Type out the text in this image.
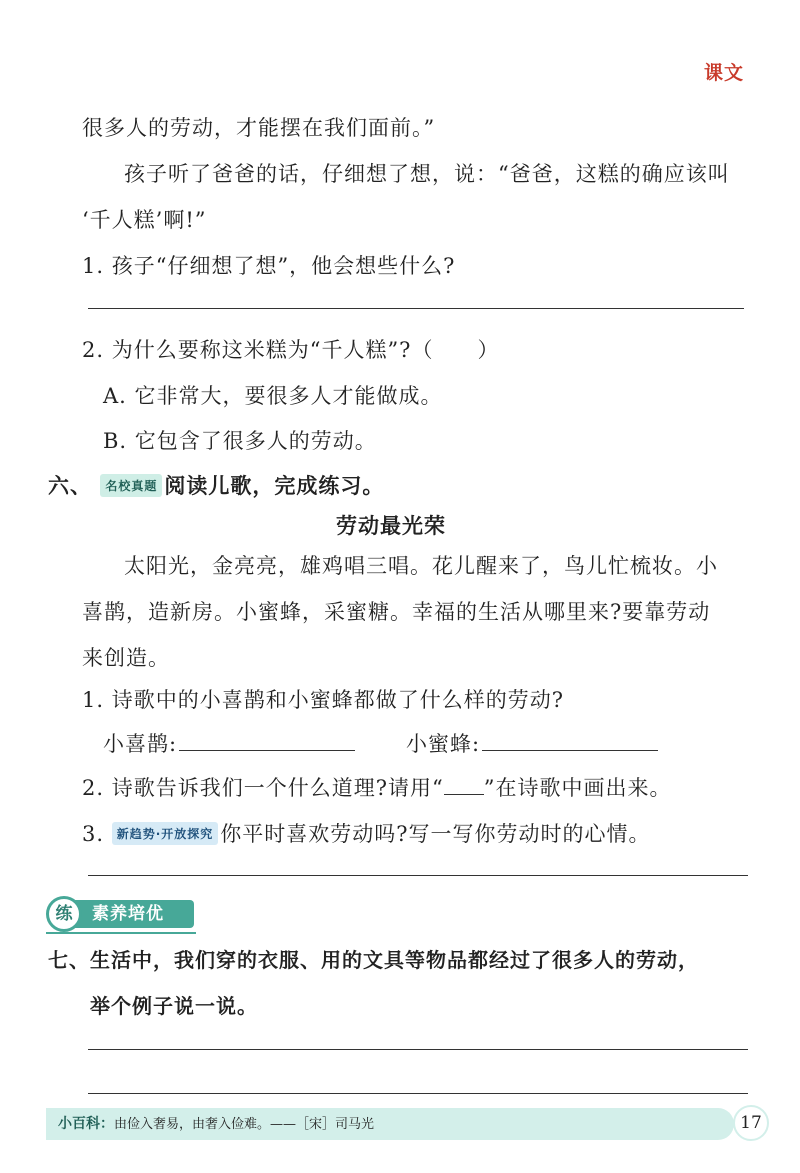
课文
很多人的劳动，才能摆在我们面前。”
孩子听了爸爸的话，仔细想了想，说：“爸爸，这糕的确应该叫
‘千人糕’啊!”
1. 孩子“仔细想了想”，他会想些什么?
2. 为什么要称这米糕为“千人糕”?（　　）
A. 它非常大，要很多人才能做成。
B. 它包含了很多人的劳动。
六、 名校真题 阅读儿歌，完成练习。
劳动最光荣
太阳光，金亮亮，雄鸡唱三唱。花儿醒来了，鸟儿忙梳妆。小
喜鹊，造新房。小蜜蜂，采蜜糖。幸福的生活从哪里来?要靠劳动
来创造。
1. 诗歌中的小喜鹊和小蜜蜂都做了什么样的劳动?
小喜鹊:	小蜜蜂:
2. 诗歌告诉我们一个什么道理?请用“ ”在诗歌中画出来。
3. 新趋势·开放探究 你平时喜欢劳动吗?写一写你劳动时的心情。
练	素养培优
七、生活中，我们穿的衣服、用的文具等物品都经过了很多人的劳动，
举个例子说一说。
小百科：由俭入奢易，由奢入俭难。——［宋］司马光	17
